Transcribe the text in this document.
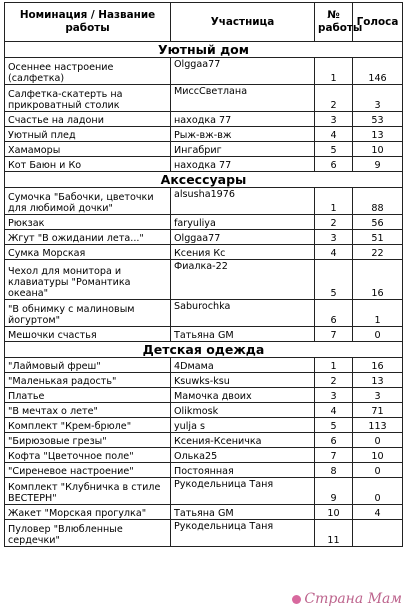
Номинация / Название работы	Участница	№ работы	Голоса
Уютный дом			
Осеннее настроение (салфетка)	Olggaa77	1	146
Салфетка-скатерть на прикроватный столик	МиссСветлана	2	3
Счастье на ладони	находка 77	3	53
Уютный плед	Рыж-вж-вж	4	13
Хамаморы	Ингабриг	5	10
Кот Баюн и Ко	находка 77	6	9
Аксессуары			
Сумочка "Бабочки, цветочки для любимой дочки"	alsusha1976	1	88
Рюкзак	faryuliya	2	56
Жгут "В ожидании лета..."	Olggaa77	3	51
Сумка Морская	Ксения Кс	4	22
Чехол для монитора и клавиатуры "Романтика океана"	Фиалка-22	5	16
"В обнимку с малиновым йогуртом"	Saburochka	6	1
Мешочки счастья	Татьяна GM	7	0
Детская одежда			
"Лаймовый фреш"	4Dмама	1	16
"Маленькая радость"	Ksuwks-ksu	2	13
Платье	Мамочка двоих	3	3
"В мечтах о лете"	Olikmosk	4	71
Комплект "Крем-брюле"	yulja s	5	113
"Бирюзовые грезы"	Ксения-Ксеничка	6	0
Кофта "Цветочное поле"	Олька25	7	10
"Сиреневое настроение"	Постоянная	8	0
Комплект "Клубничка в стиле ВЕСТЕРН"	Рукодельница Таня	9	0
Жакет "Морская прогулка"	Татьяна GM	10	4
Пуловер "Влюбленные сердечки"	Рукодельница Таня	11	
Страна Мам
